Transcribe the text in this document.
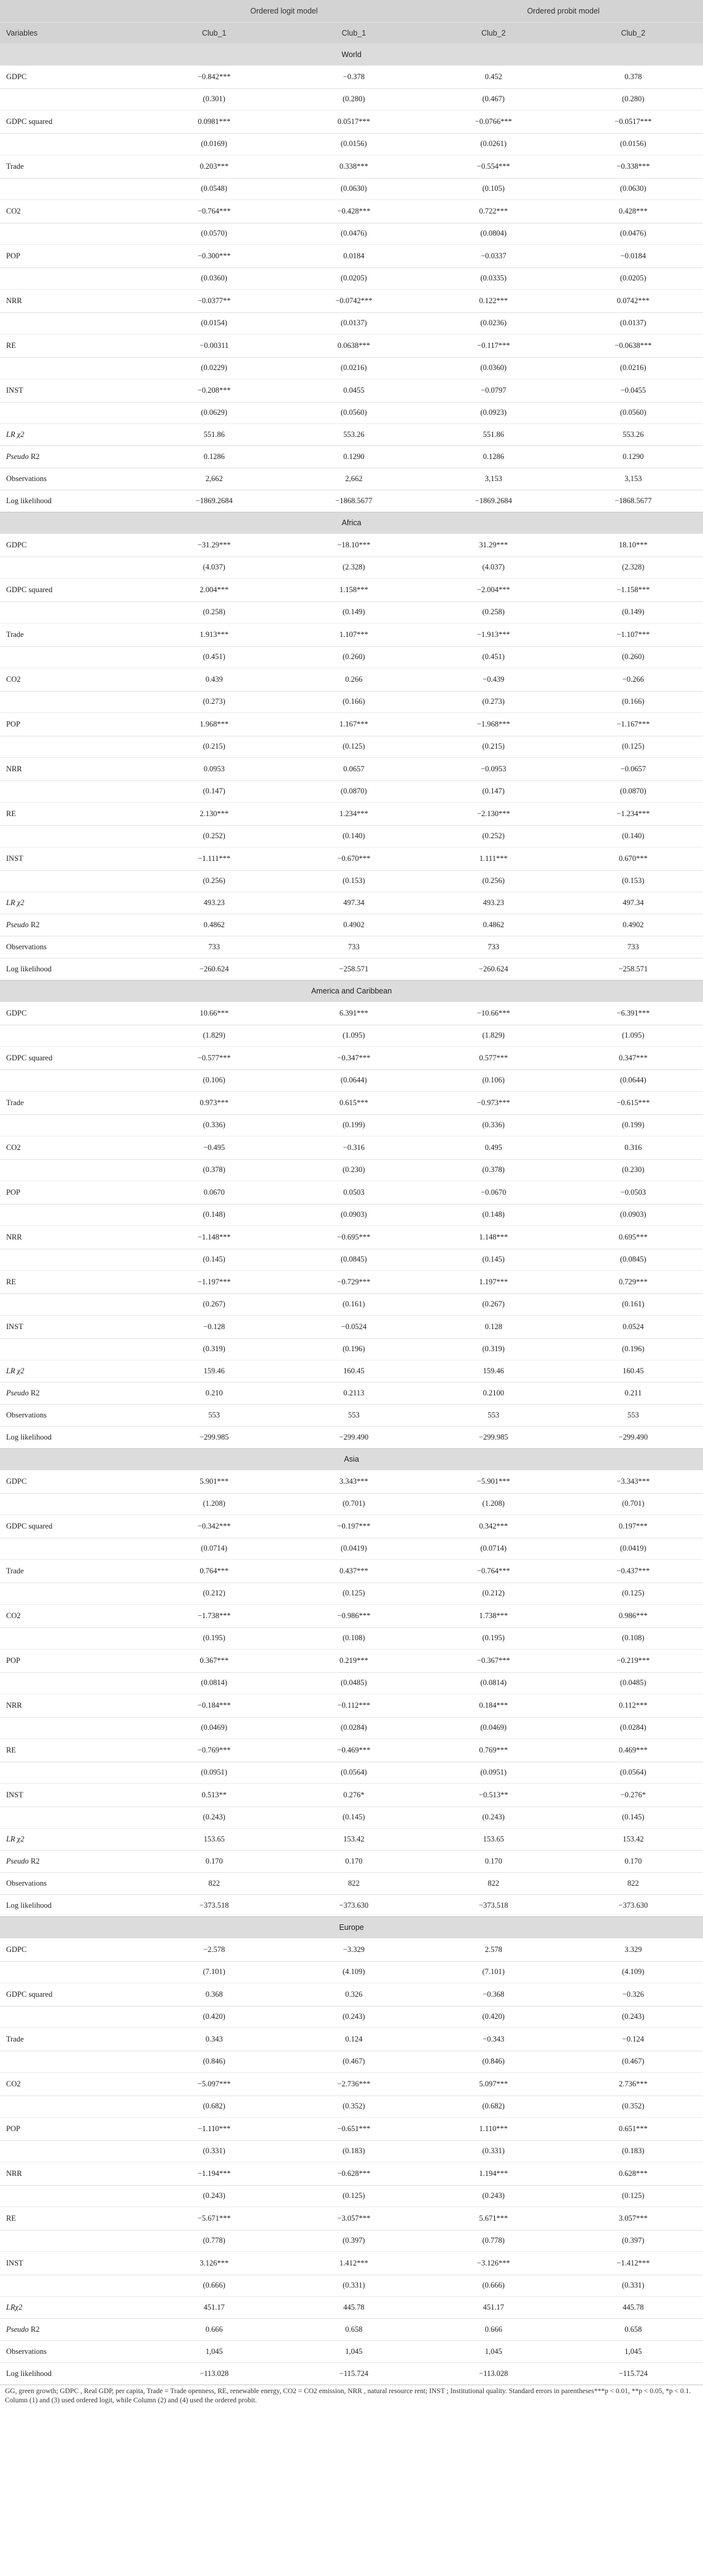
	Ordered logit model		Ordered probit model	
Variables	Club_1	Club_1	Club_2	Club_2
World				
GDPC	−0.842***	−0.378	0.452	0.378
	(0.301)	(0.280)	(0.467)	(0.280)
GDPC squared	0.0981***	0.0517***	−0.0766***	−0.0517***
	(0.0169)	(0.0156)	(0.0261)	(0.0156)
Trade	0.203***	0.338***	−0.554***	−0.338***
	(0.0548)	(0.0630)	(0.105)	(0.0630)
CO2	−0.764***	−0.428***	0.722***	0.428***
	(0.0570)	(0.0476)	(0.0804)	(0.0476)
POP	−0.300***	0.0184	−0.0337	−0.0184
	(0.0360)	(0.0205)	(0.0335)	(0.0205)
NRR	−0.0377**	−0.0742***	0.122***	0.0742***
	(0.0154)	(0.0137)	(0.0236)	(0.0137)
RE	−0.00311	0.0638***	−0.117***	−0.0638***
	(0.0229)	(0.0216)	(0.0360)	(0.0216)
INST	−0.208***	0.0455	−0.0797	−0.0455
	(0.0629)	(0.0560)	(0.0923)	(0.0560)
LR χ2	551.86	553.26	551.86	553.26
Pseudo R2	0.1286	0.1290	0.1286	0.1290
Observations	2,662	2,662	3,153	3,153
Log likelihood	−1869.2684	−1868.5677	−1869.2684	−1868.5677
Africa				
GDPC	−31.29***	−18.10***	31.29***	18.10***
	(4.037)	(2.328)	(4.037)	(2.328)
GDPC squared	2.004***	1.158***	−2.004***	−1.158***
	(0.258)	(0.149)	(0.258)	(0.149)
Trade	1.913***	1.107***	−1.913***	−1.107***
	(0.451)	(0.260)	(0.451)	(0.260)
CO2	0.439	0.266	−0.439	−0.266
	(0.273)	(0.166)	(0.273)	(0.166)
POP	1.968***	1.167***	−1.968***	−1.167***
	(0.215)	(0.125)	(0.215)	(0.125)
NRR	0.0953	0.0657	−0.0953	−0.0657
	(0.147)	(0.0870)	(0.147)	(0.0870)
RE	2.130***	1.234***	−2.130***	−1.234***
	(0.252)	(0.140)	(0.252)	(0.140)
INST	−1.111***	−0.670***	1.111***	0.670***
	(0.256)	(0.153)	(0.256)	(0.153)
LR χ2	493.23	497.34	493.23	497.34
Pseudo R2	0.4862	0.4902	0.4862	0.4902
Observations	733	733	733	733
Log likelihood	−260.624	−258.571	−260.624	−258.571
America and Caribbean				
GDPC	10.66***	6.391***	−10.66***	−6.391***
	(1.829)	(1.095)	(1.829)	(1.095)
GDPC squared	−0.577***	−0.347***	0.577***	0.347***
	(0.106)	(0.0644)	(0.106)	(0.0644)
Trade	0.973***	0.615***	−0.973***	−0.615***
	(0.336)	(0.199)	(0.336)	(0.199)
CO2	−0.495	−0.316	0.495	0.316
	(0.378)	(0.230)	(0.378)	(0.230)
POP	0.0670	0.0503	−0.0670	−0.0503
	(0.148)	(0.0903)	(0.148)	(0.0903)
NRR	−1.148***	−0.695***	1.148***	0.695***
	(0.145)	(0.0845)	(0.145)	(0.0845)
RE	−1.197***	−0.729***	1.197***	0.729***
	(0.267)	(0.161)	(0.267)	(0.161)
INST	−0.128	−0.0524	0.128	0.0524
	(0.319)	(0.196)	(0.319)	(0.196)
LR χ2	159.46	160.45	159.46	160.45
Pseudo R2	0.210	0.2113	0.2100	0.211
Observations	553	553	553	553
Log likelihood	−299.985	−299.490	−299.985	−299.490
Asia				
GDPC	5.901***	3.343***	−5.901***	−3.343***
	(1.208)	(0.701)	(1.208)	(0.701)
GDPC squared	−0.342***	−0.197***	0.342***	0.197***
	(0.0714)	(0.0419)	(0.0714)	(0.0419)
Trade	0.764***	0.437***	−0.764***	−0.437***
	(0.212)	(0.125)	(0.212)	(0.125)
CO2	−1.738***	−0.986***	1.738***	0.986***
	(0.195)	(0.108)	(0.195)	(0.108)
POP	0.367***	0.219***	−0.367***	−0.219***
	(0.0814)	(0.0485)	(0.0814)	(0.0485)
NRR	−0.184***	−0.112***	0.184***	0.112***
	(0.0469)	(0.0284)	(0.0469)	(0.0284)
RE	−0.769***	−0.469***	0.769***	0.469***
	(0.0951)	(0.0564)	(0.0951)	(0.0564)
INST	0.513**	0.276*	−0.513**	−0.276*
	(0.243)	(0.145)	(0.243)	(0.145)
LR χ2	153.65	153.42	153.65	153.42
Pseudo R2	0.170	0.170	0.170	0.170
Observations	822	822	822	822
Log likelihood	−373.518	−373.630	−373.518	−373.630
Europe				
GDPC	−2.578	−3.329	2.578	3.329
	(7.101)	(4.109)	(7.101)	(4.109)
GDPC squared	0.368	0.326	−0.368	−0.326
	(0.420)	(0.243)	(0.420)	(0.243)
Trade	0.343	0.124	−0.343	−0.124
	(0.846)	(0.467)	(0.846)	(0.467)
CO2	−5.097***	−2.736***	5.097***	2.736***
	(0.682)	(0.352)	(0.682)	(0.352)
POP	−1.110***	−0.651***	1.110***	0.651***
	(0.331)	(0.183)	(0.331)	(0.183)
NRR	−1.194***	−0.628***	1.194***	0.628***
	(0.243)	(0.125)	(0.243)	(0.125)
RE	−5.671***	−3.057***	5.671***	3.057***
	(0.778)	(0.397)	(0.778)	(0.397)
INST	3.126***	1.412***	−3.126***	−1.412***
	(0.666)	(0.331)	(0.666)	(0.331)
LRχ2	451.17	445.78	451.17	445.78
Pseudo R2	0.666	0.658	0.666	0.658
Observations	1,045	1,045	1,045	1,045
Log likelihood	−113.028	−115.724	−113.028	−115.724
GG, green growth; GDPC , Real GDP, per capita, Trade = Trade openness, RE, renewable energy, CO2 = CO2 emission, NRR , natural resource rent; INST ; Institutional quality. Standard errors in parentheses***p < 0.01, **p < 0.05, *p < 0.1. Column (1) and (3) used ordered logit, while Column (2) and (4) used the ordered probit.
